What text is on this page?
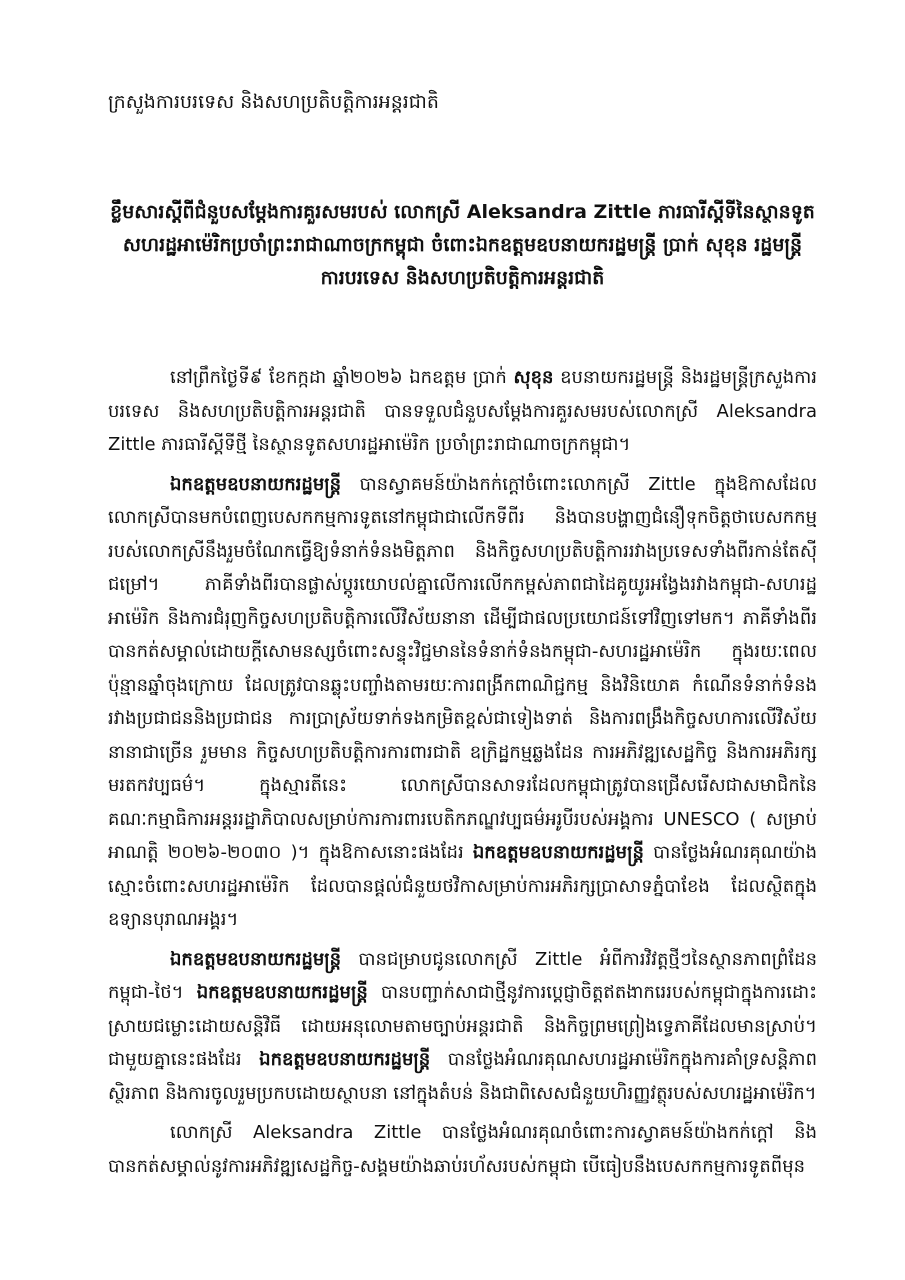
ក្រសួងការបរទេស និងសហប្រតិបត្តិការអន្តរជាតិ

ខ្លឹមសារស្តីពីជំនួបសម្តែងការគួរសមរបស់ លោកស្រី Aleksandra Zittle ភារធារីស្តីទីនៃស្ថានទូត
សហរដ្ឋអាម៉េរិកប្រចាំព្រះរាជាណាចក្រកម្ពុជា ចំពោះឯកឧត្តមឧបនាយករដ្ឋមន្ត្រី ប្រាក់ សុខុន រដ្ឋមន្ត្រី
ការបរទេស និងសហប្រតិបត្តិការអន្តរជាតិ

នៅព្រឹកថ្ងៃទី៩ ខែកក្កដា ឆ្នាំ២០២៦ ឯកឧត្តម ប្រាក់ សុខុន ឧបនាយករដ្ឋមន្ត្រី និងរដ្ឋមន្ត្រីក្រសួងការបរទេស និងសហប្រតិបត្តិការអន្តរជាតិ បានទទួលជំនួបសម្តែងការគួរសមរបស់លោកស្រី Aleksandra Zittle ភារធារីស្តីទីថ្មី នៃស្ថានទូតសហរដ្ឋអាម៉េរិក ប្រចាំព្រះរាជាណាចក្រកម្ពុជា។

ឯកឧត្តមឧបនាយករដ្ឋមន្ត្រី បានស្វាគមន៍យ៉ាងកក់ក្តៅចំពោះលោកស្រី Zittle ក្នុងឱកាសដែលលោកស្រីបានមកបំពេញបេសកកម្មការទូតនៅកម្ពុជាជាលើកទីពីរ និងបានបង្ហាញជំនឿទុកចិត្តថាបេសកកម្មរបស់លោកស្រីនឹងរួមចំណែកធ្វើឱ្យទំនាក់ទំនងមិត្តភាព និងកិច្ចសហប្រតិបត្តិការរវាងប្រទេសទាំងពីរកាន់តែស៊ីជម្រៅ។ ភាគីទាំងពីរបានផ្លាស់ប្តូរយោបល់គ្នាលើការលើកកម្ពស់ភាពជាដៃគូយូរអង្វែងរវាងកម្ពុជា-សហរដ្ឋអាម៉េរិក និងការជំរុញកិច្ចសហប្រតិបត្តិការលើវិស័យនានា ដើម្បីជាផលប្រយោជន៍ទៅវិញទៅមក។ ភាគីទាំងពីរបានកត់សម្គាល់ដោយក្តីសោមនស្សចំពោះសន្ទុះវិជ្ជមាននៃទំនាក់ទំនងកម្ពុជា-សហរដ្ឋអាម៉េរិក ក្នុងរយៈពេលប៉ុន្មានឆ្នាំចុងក្រោយ ដែលត្រូវបានឆ្លុះបញ្ចាំងតាមរយៈការពង្រីកពាណិជ្ជកម្ម និងវិនិយោគ កំណើនទំនាក់ទំនងរវាងប្រជាជននិងប្រជាជន ការប្រាស្រ័យទាក់ទងកម្រិតខ្ពស់ជាទៀងទាត់ និងការពង្រឹងកិច្ចសហការលើវិស័យនានាជាច្រើន រួមមាន កិច្ចសហប្រតិបត្តិការការពារជាតិ ឧក្រិដ្ឋកម្មឆ្លងដែន ការអភិវឌ្ឍសេដ្ឋកិច្ច និងការអភិរក្សមរតកវប្បធម៌។ ក្នុងស្មារតីនេះ លោកស្រីបានសាទរដែលកម្ពុជាត្រូវបានជ្រើសរើសជាសមាជិកនៃគណៈកម្មាធិការអន្តររដ្ឋាភិបាលសម្រាប់ការការពារបេតិកភណ្ឌវប្បធម៌អរូបីរបស់អង្គការ UNESCO ( សម្រាប់អាណត្តិ ២០២៦-២០៣០ )។ ក្នុងឱកាសនោះផងដែរ ឯកឧត្តមឧបនាយករដ្ឋមន្ត្រី បានថ្លែងអំណរគុណយ៉ាងស្មោះចំពោះសហរដ្ឋអាម៉េរិក ដែលបានផ្តល់ជំនួយថវិកាសម្រាប់ការអភិរក្សប្រាសាទភ្នំបាខែង ដែលស្ថិតក្នុងឧទ្យានបុរាណអង្គរ។

ឯកឧត្តមឧបនាយករដ្ឋមន្ត្រី បានជម្រាបជូនលោកស្រី Zittle អំពីការវិវត្តថ្មីៗនៃស្ថានភាពព្រំដែនកម្ពុជា-ថៃ។ ឯកឧត្តមឧបនាយករដ្ឋមន្ត្រី បានបញ្ជាក់សាជាថ្មីនូវការប្តេជ្ញាចិត្តឥតងាករេរបស់កម្ពុជាក្នុងការដោះស្រាយជម្លោះដោយសន្តិវិធី ដោយអនុលោមតាមច្បាប់អន្តរជាតិ និងកិច្ចព្រមព្រៀងទ្វេភាគីដែលមានស្រាប់។ ជាមួយគ្នានេះផងដែរ ឯកឧត្តមឧបនាយករដ្ឋមន្ត្រី បានថ្លែងអំណរគុណសហរដ្ឋអាម៉េរិកក្នុងការគាំទ្រសន្តិភាព ស្ថិរភាព និងការចូលរួមប្រកបដោយស្ថាបនា នៅក្នុងតំបន់ និងជាពិសេសជំនួយហិរញ្ញវត្ថុរបស់សហរដ្ឋអាម៉េរិក។

លោកស្រី Aleksandra Zittle បានថ្លែងអំណរគុណចំពោះការស្វាគមន៍យ៉ាងកក់ក្តៅ និងបានកត់សម្គាល់នូវការអភិវឌ្ឍសេដ្ឋកិច្ច-សង្គមយ៉ាងឆាប់រហ័សរបស់កម្ពុជា បើធៀបនឹងបេសកកម្មការទូតពីមុន
